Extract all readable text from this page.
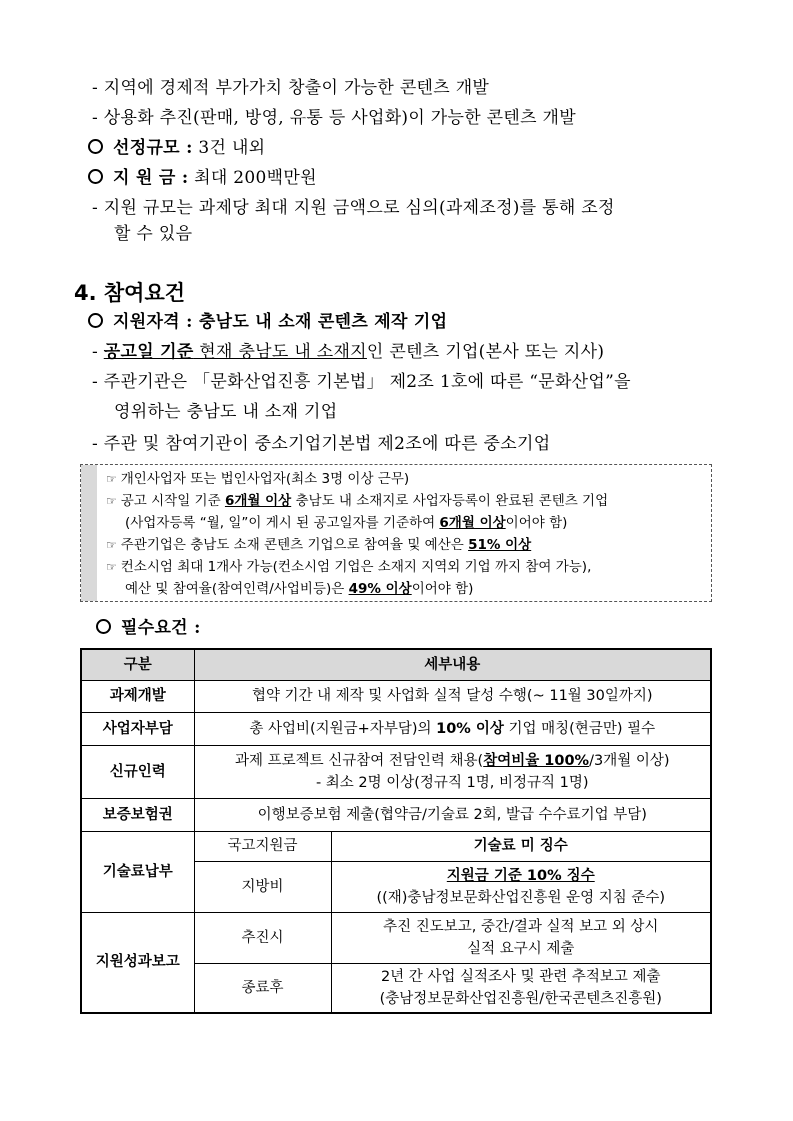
- 지역에 경제적 부가가치 창출이 가능한 콘텐츠 개발
- 상용화 추진(판매, 방영, 유통 등 사업화)이 가능한 콘텐츠 개발
선정규모 : 3건 내외
지 원 금 : 최대 200백만원
- 지원 규모는 과제당 최대 지원 금액으로 심의(과제조정)를 통해 조정
할 수 있음
4. 참여요건
지원자격 : 충남도 내 소재 콘텐츠 제작 기업
- 공고일 기준 현재 충남도 내 소재지인 콘텐츠 기업(본사 또는 지사)
- 주관기관은 「문화산업진흥 기본법」 제2조 1호에 따른 “문화산업”을
영위하는 충남도 내 소재 기업
- 주관 및 참여기관이 중소기업기본법 제2조에 따른 중소기업
☞ 개인사업자 또는 법인사업자(최소 3명 이상 근무)
☞ 공고 시작일 기준 6개월 이상 충남도 내 소재지로 사업자등록이 완료된 콘텐츠 기업
(사업자등록 “월, 일”이 게시 된 공고일자를 기준하여 6개월 이상이어야 함)
☞ 주관기업은 충남도 소재 콘텐츠 기업으로 참여율 및 예산은 51% 이상
☞ 컨소시엄 최대 1개사 가능(컨소시엄 기업은 소재지 지역외 기업 까지 참여 가능),
예산 및 참여율(참여인력/사업비등)은 49% 이상이어야 함)
필수요건 :
구분	세부내용	
과제개발	협약 기간 내 제작 및 사업화 실적 달성 수행(~ 11월 30일까지)	
사업자부담	총 사업비(지원금+자부담)의 10% 이상 기업 매칭(현금만) 필수	
신규인력	과제 프로젝트 신규참여 전담인력 채용(참여비율 100%/3개월 이상)
- 최소 2명 이상(정규직 1명, 비정규직 1명)	
보증보험권	이행보증보험 제출(협약금/기술료 2회, 발급 수수료기업 부담)	
기술료납부	국고지원금	기술료 미 징수
	지방비	지원금 기준 10% 징수
((재)충남정보문화산업진흥원 운영 지침 준수)
지원성과보고	추진시	추진 진도보고, 중간/결과 실적 보고 외 상시
실적 요구시 제출
	종료후	2년 간 사업 실적조사 및 관련 추적보고 제출
(충남정보문화산업진흥원/한국콘텐츠진흥원)
